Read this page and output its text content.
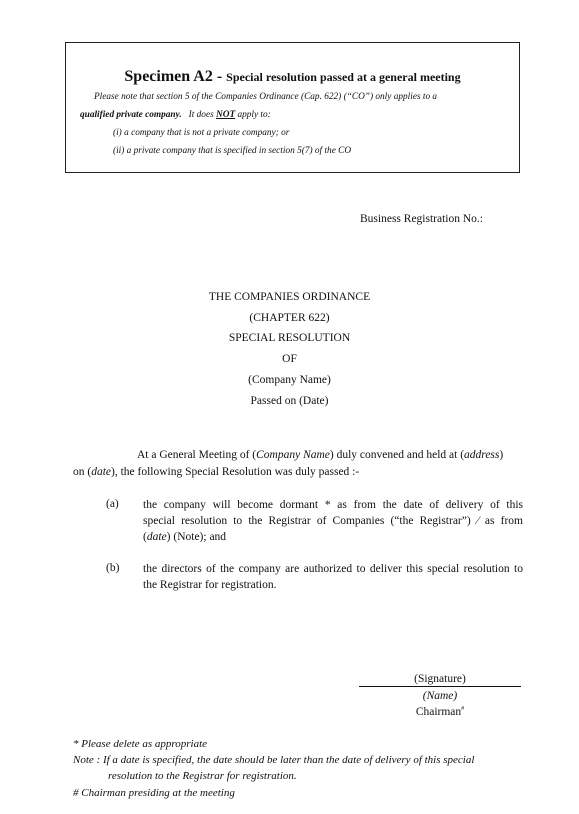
Specimen A2 - Special resolution passed at a general meeting
Please note that section 5 of the Companies Ordinance (Cap. 622) (“CO”) only applies to a
qualified private company. It does NOT apply to:
(i) a company that is not a private company; or
(ii) a private company that is specified in section 5(7) of the CO
Business Registration No.:
THE COMPANIES ORDINANCE
(CHAPTER 622)
SPECIAL RESOLUTION
OF
(Company Name)
Passed on (Date)
At a General Meeting of (Company Name) duly convened and held at (address)
on (date), the following Special Resolution was duly passed :-
(a) the company will become dormant * as from the date of delivery of this
special resolution to the Registrar of Companies (“the Registrar”) ⁄ as from
(date) (Note); and
(b) the directors of the company are authorized to deliver this special resolution to
the Registrar for registration.
(Signature)
(Name)
Chairman#
* Please delete as appropriate
Note : If a date is specified, the date should be later than the date of delivery of this special
resolution to the Registrar for registration.
# Chairman presiding at the meeting
